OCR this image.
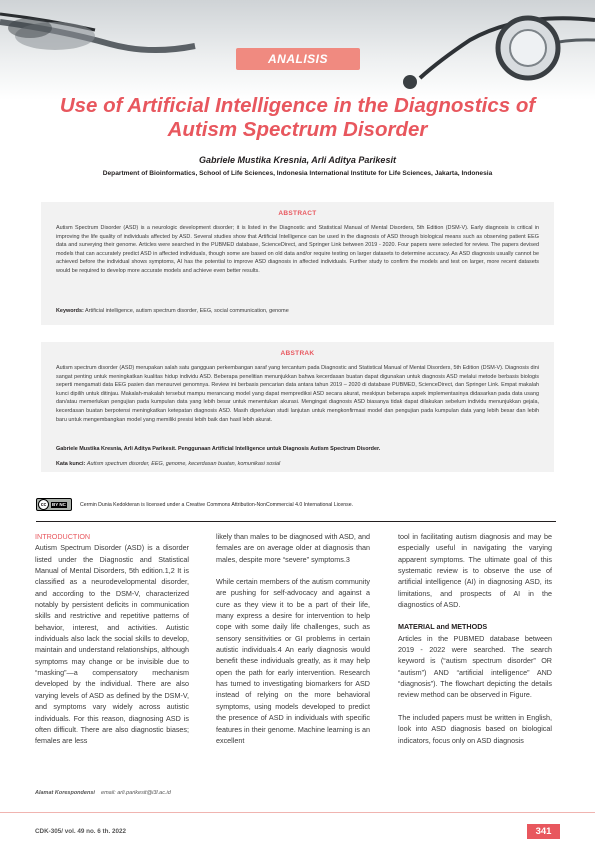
ANALISIS
Use of Artificial Intelligence in the Diagnostics of Autism Spectrum Disorder
Gabriele Mustika Kresnia, Arli Aditya Parikesit
Department of Bioinformatics, School of Life Sciences, Indonesia International Institute for Life Sciences, Jakarta, Indonesia
ABSTRACT
Autism Spectrum Disorder (ASD) is a neurologic development disorder; it is listed in the Diagnostic and Statistical Manual of Mental Disorders, 5th Edition (DSM-V). Early diagnosis is critical in improving the life quality of individuals affected by ASD. Several studies show that Artificial Intelligence can be used in the diagnosis of ASD through biological means such as observing patient EEG data and surveying their genome. Articles were searched in the PUBMED database, ScienceDirect, and Springer Link between 2019 - 2020. Four papers were selected for review. The papers devised models that can accurately predict ASD in affected individuals, though some are based on old data and/or require testing on larger datasets to determine accuracy. As ASD diagnosis usually cannot be achieved before the individual shows symptoms, AI has the potential to improve ASD diagnosis in affected individuals. Further study to confirm the models and test on larger, more recent datasets would be required to develop more accurate models and achieve even better results.
Keywords: Artificial intelligence, autism spectrum disorder, EEG, social communication, genome
ABSTRAK
Autism spectrum disorder (ASD) merupakan salah satu gangguan perkembangan saraf yang tercantum pada Diagnostic and Statistical Manual of Mental Disorders, 5th Edition (DSM-V). Diagnosis dini sangat penting untuk meningkatkan kualitas hidup individu ASD. Beberapa penelitian menunjukkan bahwa kecerdasan buatan dapat digunakan untuk diagnosis ASD melalui metode berbasis biologis seperti mengamati data EEG pasien dan mensurvei genomnya. Review ini berbasis pencarian data antara tahun 2019 – 2020 di database PUBMED, ScienceDirect, dan Springer Link. Empat makalah kunci dipilih untuk ditinjau. Makalah-makalah tersebut mampu merancang model yang dapat memprediksi ASD secara akurat, meskipun beberapa aspek implementasinya didasarkan pada data usang dan/atau memerlukan pengujian pada kumpulan data yang lebih besar untuk menentukan akurasi. Mengingat diagnosis ASD biasanya tidak dapat dilakukan sebelum individu menunjukkan gejala, kecerdasan buatan berpotensi meningkatkan ketepatan diagnosis ASD. Masih diperlukan studi lanjutan untuk mengkonfirmasi model dan pengujian pada kumpulan data yang lebih besar dan lebih baru untuk mengembangkan model yang memiliki presisi lebih baik dan hasil lebih akurat.
Gabriele Mustika Kresnia, Arli Aditya Parikesit. Penggunaan Artificial Intelligence untuk Diagnosis Autism Spectrum Disorder.
Kata kunci: Autism spectrum disorder, EEG, genome, kecerdasan buatan, komunikasi sosial
cc	BY NC	Cermin Dunia Kedokteran is licensed under a Creative Commons Attribution-NonCommercial 4.0 International License.
INTRODUCTION

Autism Spectrum Disorder (ASD) is a disorder listed under the Diagnostic and Statistical Manual of Mental Disorders, 5th edition.1,2 It is classified as a neurodevelopmental disorder, and according to the DSM-V, characterized notably by persistent deficits in communication skills and restrictive and repetitive patterns of behavior, interest, and activities. Autistic individuals also lack the social skills to develop, maintain and understand relationships, although symptoms may change or be invisible due to “masking”—a compensatory mechanism developed by the individual. There are also varying levels of ASD as defined by the DSM-V, and symptoms vary widely across autistic individuals. For this reason, diagnosing ASD is often difficult. There are also diagnostic biases; females are less

likely than males to be diagnosed with ASD, and females are on average older at diagnosis than males, despite more “severe” symptoms.3

While certain members of the autism community are pushing for self-advocacy and against a cure as they view it to be a part of their life, many express a desire for intervention to help cope with some daily life challenges, such as sensory sensitivities or GI problems in certain autistic individuals.4 An early diagnosis would benefit these individuals greatly, as it may help open the path for early intervention. Research has turned to investigating biomarkers for ASD instead of relying on the more behavioral symptoms, using models developed to predict the presence of ASD in individuals with specific features in their genome. Machine learning is an excellent

tool in facilitating autism diagnosis and may be especially useful in navigating the varying apparent symptoms. The ultimate goal of this systematic review is to observe the use of artificial intelligence (AI) in diagnosing ASD, its limitations, and prospects of AI in the diagnostics of ASD.

MATERIAL and METHODS

Articles in the PUBMED database between 2019 - 2022 were searched. The search keyword is (“autism spectrum disorder” OR “autism”) AND “artificial intelligence” AND “diagnosis”). The flowchart depicting the details review method can be observed in Figure.

The included papers must be written in English, look into ASD diagnosis based on biological indicators, focus only on ASD diagnosis

Alamat Korespondensi email: arli.parikesit@i3l.ac.id
CDK-305/ vol. 49 no. 6 th. 2022	341
